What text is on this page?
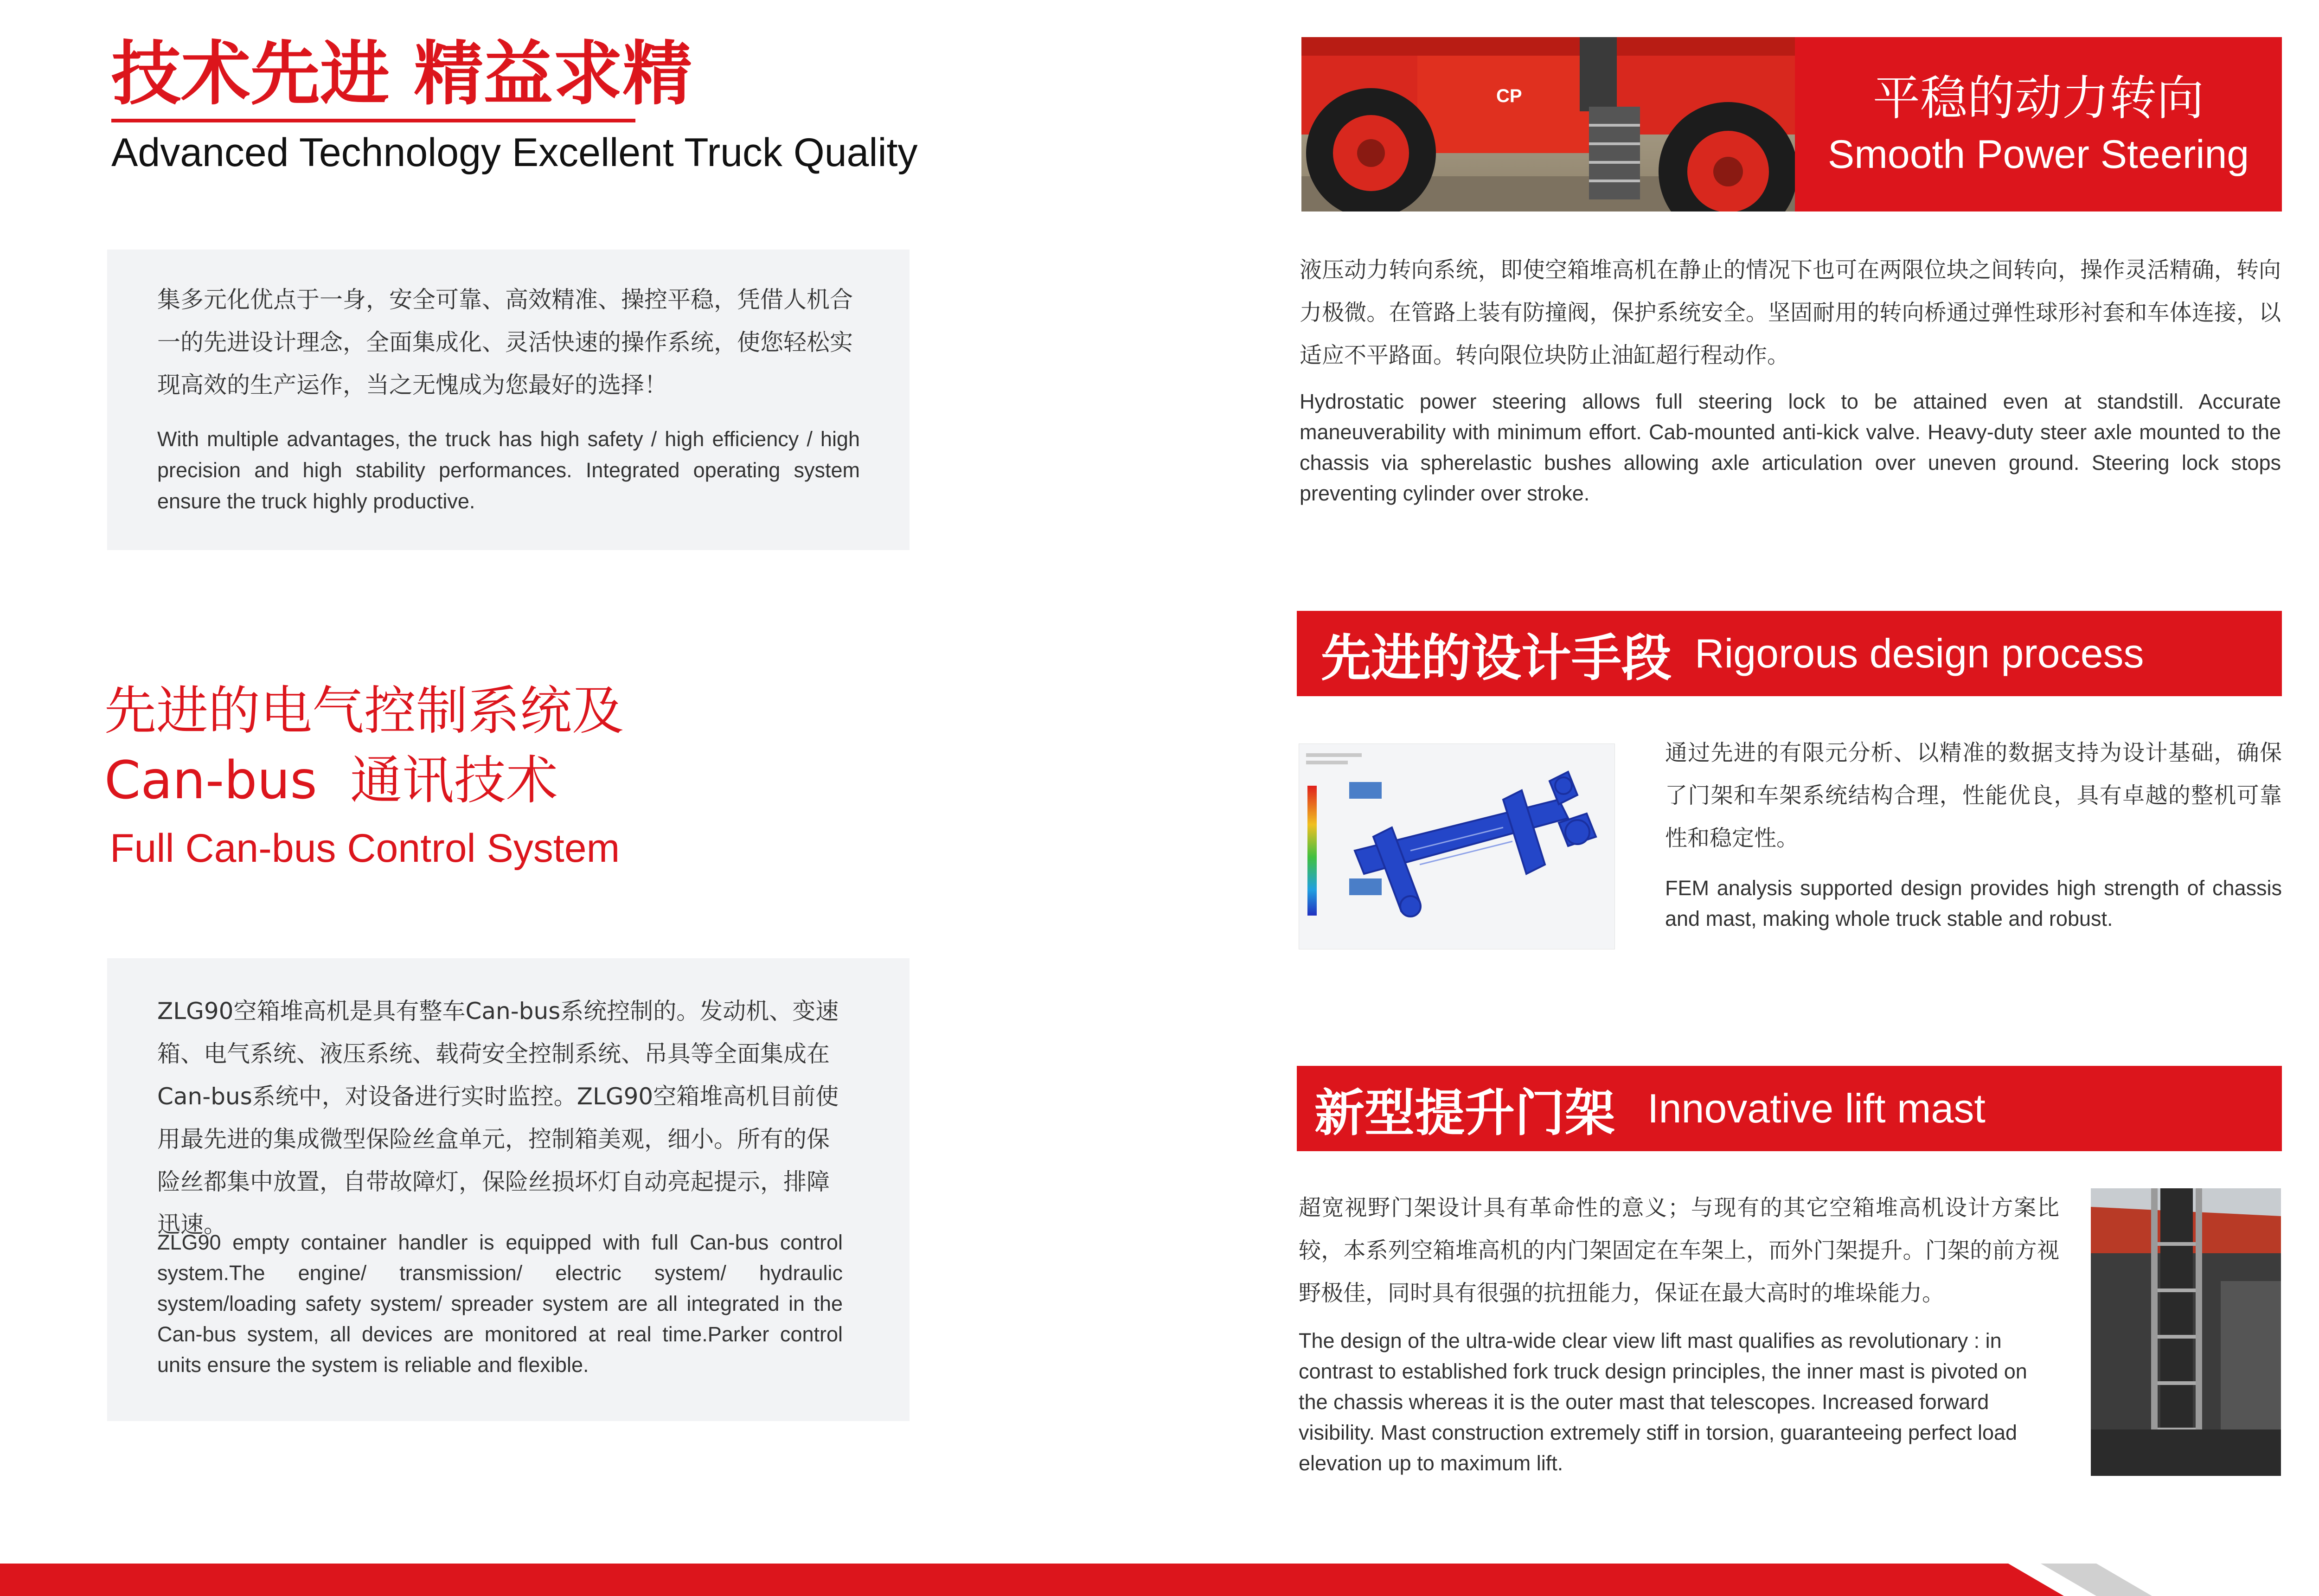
技术先进 精益求精
Advanced Technology Excellent Truck Quality
集多元化优点于一身，安全可靠、高效精准、操控平稳，凭借人机合一的先进设计理念，全面集成化、灵活快速的操作系统，使您轻松实现高效的生产运作，当之无愧成为您最好的选择！
With multiple advantages, the truck has high safety / high efficiency / high precision and high stability performances. Integrated operating system ensure the truck highly productive.
先进的电气控制系统及
Can-bus  通讯技术
Full Can-bus Control System
ZLG90空箱堆高机是具有整车Can-bus系统控制的。发动机、变速箱、电气系统、液压系统、载荷安全控制系统、吊具等全面集成在Can-bus系统中，对设备进行实时监控。ZLG90空箱堆高机目前使用最先进的集成微型保险丝盒单元，控制箱美观，细小。所有的保险丝都集中放置，自带故障灯，保险丝损坏灯自动亮起提示，排障迅速。
ZLG90 empty container handler is equipped with full Can-bus control system.The engine/ transmission/ electric system/ hydraulic system/loading safety system/ spreader system are all integrated in the Can-bus system, all devices are monitored at real time.Parker control units ensure the system is reliable and flexible.
CP	平稳的动力转向
Smooth Power Steering
液压动力转向系统，即使空箱堆高机在静止的情况下也可在两限位块之间转向，操作灵活精确，转向力极微。在管路上装有防撞阀，保护系统安全。坚固耐用的转向桥通过弹性球形衬套和车体连接，以适应不平路面。转向限位块防止油缸超行程动作。
Hydrostatic power steering allows full steering lock to be attained even at standstill. Accurate maneuverability with minimum effort. Cab-mounted anti-kick valve. Heavy-duty steer axle mounted to the chassis via spherelastic bushes allowing axle articulation over uneven ground. Steering lock stops preventing cylinder over stroke.
先进的设计手段 Rigorous design process
通过先进的有限元分析、以精准的数据支持为设计基础，确保了门架和车架系统结构合理，性能优良，具有卓越的整机可靠性和稳定性。
FEM analysis supported design provides high strength of chassis and mast, making whole truck stable and robust.
新型提升门架 Innovative lift mast
超宽视野门架设计具有革命性的意义；与现有的其它空箱堆高机设计方案比较，本系列空箱堆高机的内门架固定在车架上，而外门架提升。门架的前方视野极佳，同时具有很强的抗扭能力，保证在最大高时的堆垛能力。
The design of the ultra-wide clear view lift mast qualifies as revolutionary : in contrast to established fork truck design principles, the inner mast is pivoted on the chassis whereas it is the outer mast that telescopes. Increased forward visibility. Mast construction extremely stiff in torsion, guaranteeing perfect load elevation up to maximum lift.
